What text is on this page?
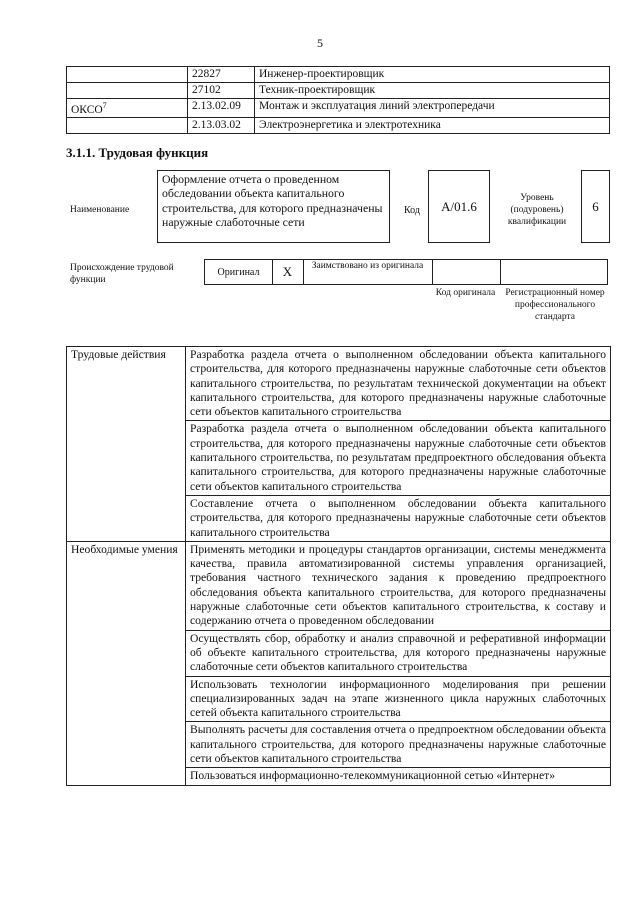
5
	22827	Инженер-проектировщик
	27102	Техник-проектировщик
ОКСО$^7$	2.13.02.09	Монтаж и эксплуатация линий электропередачи
	2.13.03.02	Электроэнергетика и электротехника
3.1.1. Трудовая функция
Наименование
Оформление отчета о проведенном обследовании объекта капитального строительства, для которого предназначены наружные слаботочные сети
Код	A/01.6
Уровень (подуровень) квалификации
6
Происхождение трудовой функции
Оригинал	X	Заимствовано из оригинала
Код оригинала	Регистрационный номер профессионального стандарта
Трудовые действия	Разработка раздела отчета о выполненном обследовании объекта капитального строительства, для которого предназначены наружные слаботочные сети объектов капитального строительства, по результатам технической документации на объект капитального строительства, для которого предназначены наружные слаботочные сети объектов капитального строительства
	Разработка раздела отчета о выполненном обследовании объекта капитального строительства, для которого предназначены наружные слаботочные сети объектов капитального строительства, по результатам предпроектного обследования объекта капитального строительства, для которого предназначены наружные слаботочные сети объектов капитального строительства
	Составление отчета о выполненном обследовании объекта капитального строительства, для которого предназначены наружные слаботочные сети объектов капитального строительства
Необходимые умения	Применять методики и процедуры стандартов организации, системы менеджмента качества, правила автоматизированной системы управления организацией, требования частного технического задания к проведению предпроектного обследования объекта капитального строительства, для которого предназначены наружные слаботочные сети объектов капитального строительства, к составу и содержанию отчета о проведенном обследовании
	Осуществлять сбор, обработку и анализ справочной и реферативной информации об объекте капитального строительства, для которого предназначены наружные слаботочные сети объектов капитального строительства
	Использовать технологии информационного моделирования при решении специализированных задач на этапе жизненного цикла наружных слаботочных сетей объекта капитального строительства
	Выполнять расчеты для составления отчета о предпроектном обследовании объекта капитального строительства, для которого предназначены наружные слаботочные сети объектов капитального строительства
	Пользоваться информационно-телекоммуникационной сетью «Интернет»
